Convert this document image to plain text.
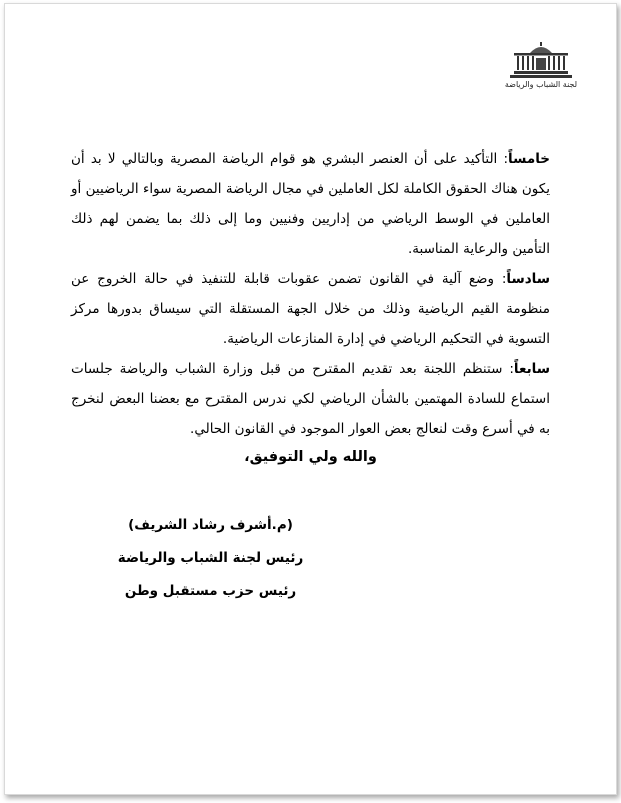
لجنة الشباب والرياضة

خامساً: التأكيد على أن العنصر البشري هو قوام الرياضة المصرية وبالتالي لا بد أن يكون هناك الحقوق الكاملة لكل العاملين في مجال الرياضة المصرية سواء الرياضيين أو العاملين في الوسط الرياضي من إداريين وفنيين وما إلى ذلك بما يضمن لهم ذلك التأمين والرعاية المناسبة.

سادساً: وضع آلية في القانون تضمن عقوبات قابلة للتنفيذ في حالة الخروج عن منظومة القيم الرياضية وذلك من خلال الجهة المستقلة التي سيساق بدورها مركز التسوية في التحكيم الرياضي في إدارة المنازعات الرياضية.

سابعاً: ستنظم اللجنة بعد تقديم المقترح من قبل وزارة الشباب والرياضة جلسات استماع للسادة المهتمين بالشأن الرياضي لكي ندرس المقترح مع بعضنا البعض لنخرج به في أسرع وقت لنعالج بعض العوار الموجود في القانون الحالي.

والله ولي التوفيق،
(م.أشرف رشاد الشريف)
رئيس لجنة الشباب والرياضة
رئيس حزب مستقبل وطن
